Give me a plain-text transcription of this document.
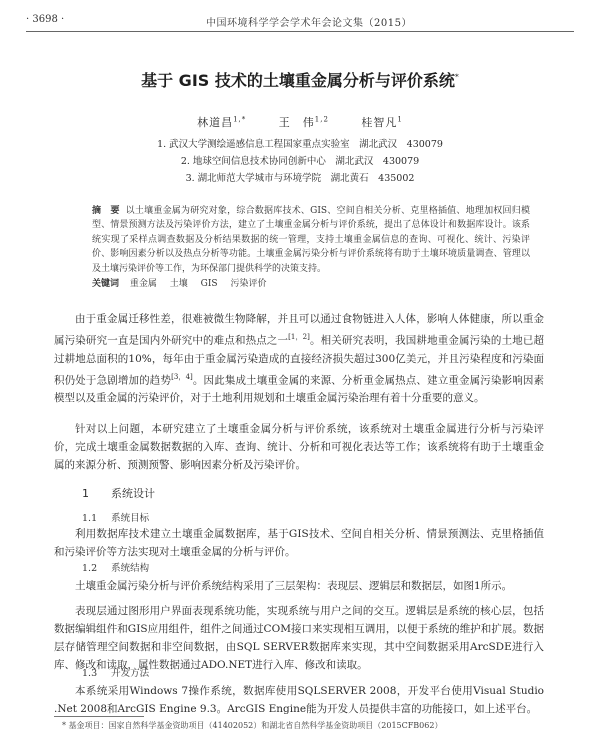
· 3698 ·	中国环境科学学会学术年会论文集（2015）
基于 GIS 技术的土壤重金属分析与评价系统*
林道昌$^{1,*}$	王　伟$^{1,2}$	桂智凡$^1$
1. 武汉大学测绘遥感信息工程国家重点实验室　湖北武汉　430079
2. 地球空间信息技术协同创新中心　湖北武汉　430079
3. 湖北师范大学城市与环境学院　湖北黄石　435002
摘　要 以土壤重金属为研究对象，综合数据库技术、GIS、空间自相关分析、克里格插值、地理加权回归模型、情景预测方法及污染评价方法，建立了土壤重金属分析与评价系统，提出了总体设计和数据库设计。该系统实现了采样点调查数据及分析结果数据的统一管理，支持土壤重金属信息的查询、可视化、统计、污染评价、影响因素分析以及热点分析等功能。土壤重金属污染分析与评价系统将有助于土壤环境质量调查、管理以及土壤污染评价等工作，为环保部门提供科学的决策支持。
关键词 重金属 土壤 GIS 污染评价
由于重金属迁移性差，很难被微生物降解，并且可以通过食物链进入人体，影响人体健康，所以重金属污染研究一直是国内外研究中的难点和热点之一[1，2]。相关研究表明，我国耕地重金属污染的土地已超过耕地总面积的10%，每年由于重金属污染造成的直接经济损失超过300亿美元，并且污染程度和污染面积仍处于急剧增加的趋势[3，4]。因此集成土壤重金属的来源、分析重金属热点、建立重金属污染影响因素模型以及重金属的污染评价，对于土地利用规划和土壤重金属污染治理有着十分重要的意义。
针对以上问题，本研究建立了土壤重金属分析与评价系统，该系统对土壤重金属进行分析与污染评价，完成土壤重金属数据数据的入库、查询、统计、分析和可视化表达等工作；该系统将有助于土壤重金属的来源分析、预测预警、影响因素分析及污染评价。
1 系统设计
1.1 系统目标
利用数据库技术建立土壤重金属数据库，基于GIS技术、空间自相关分析、情景预测法、克里格插值和污染评价等方法实现对土壤重金属的分析与评价。
1.2 系统结构
土壤重金属污染分析与评价系统结构采用了三层架构：表现层、逻辑层和数据层，如图1所示。
表现层通过图形用户界面表现系统功能，实现系统与用户之间的交互。逻辑层是系统的核心层，包括数据编辑组件和GIS应用组件，组件之间通过COM接口来实现相互调用，以便于系统的维护和扩展。数据层存储管理空间数据和非空间数据，由SQL SERVER数据库来实现，其中空间数据采用ArcSDE进行入库、修改和读取，属性数据通过ADO.NET进行入库、修改和读取。
1.3 开发方法
本系统采用Windows 7操作系统，数据库使用SQLSERVER 2008，开发平台使用Visual Studio .Net 2008和ArcGIS Engine 9.3。ArcGIS Engine能为开发人员提供丰富的功能接口，如上述平台。
* 基金项目：国家自然科学基金资助项目（41402052）和湖北省自然科学基金资助项目（2015CFB062）
